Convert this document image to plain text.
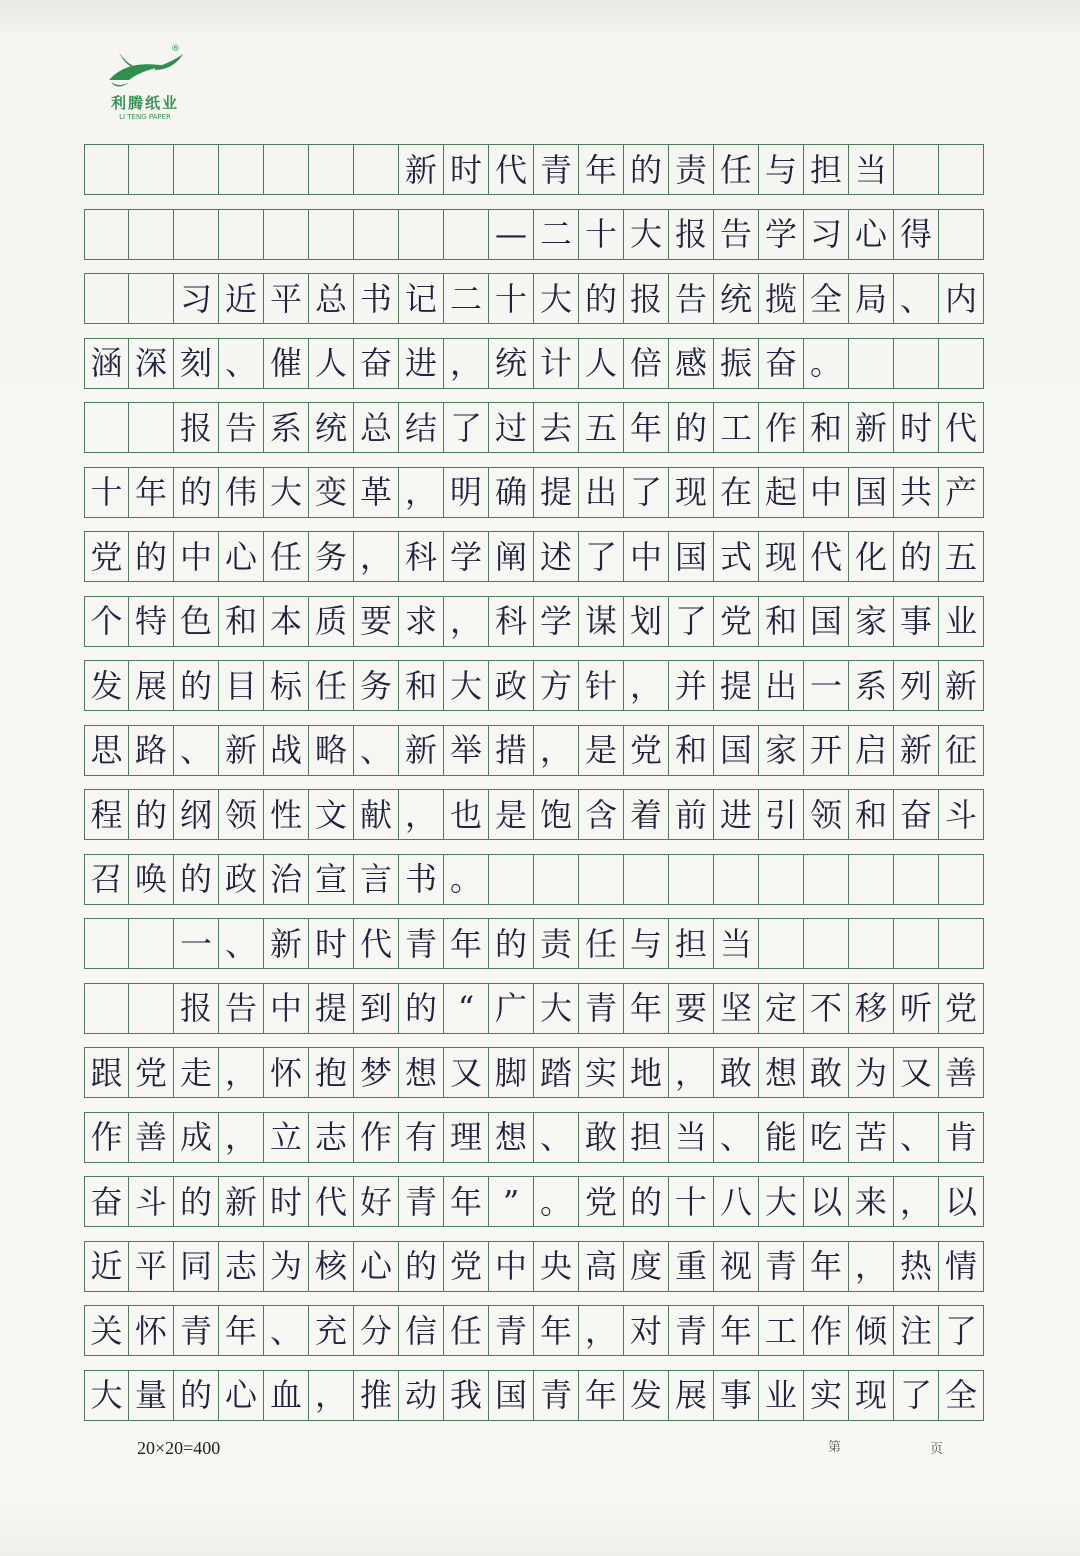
®
利腾纸业
LI TENG PAPER
新 时 代 青 年 的 责 任 与 担 当
— 二 十 大 报 告 学 习 心 得
习 近 平 总 书 记 二 十 大 的 报 告 统 揽 全 局 、 内
涵 深 刻 、 催 人 奋 进 ， 统 计 人 倍 感 振 奋 。
报 告 系 统 总 结 了 过 去 五 年 的 工 作 和 新 时 代
十 年 的 伟 大 变 革 ， 明 确 提 出 了 现 在 起 中 国 共 产
党 的 中 心 任 务 ， 科 学 阐 述 了 中 国 式 现 代 化 的 五
个 特 色 和 本 质 要 求 ， 科 学 谋 划 了 党 和 国 家 事 业
发 展 的 目 标 任 务 和 大 政 方 针 ， 并 提 出 一 系 列 新
思 路 、 新 战 略 、 新 举 措 ， 是 党 和 国 家 开 启 新 征
程 的 纲 领 性 文 献 ， 也 是 饱 含 着 前 进 引 领 和 奋 斗
召 唤 的 政 治 宣 言 书 。
一 、 新 时 代 青 年 的 责 任 与 担 当
报 告 中 提 到 的 “ 广 大 青 年 要 坚 定 不 移 听 党
跟 党 走 ， 怀 抱 梦 想 又 脚 踏 实 地 ， 敢 想 敢 为 又 善
作 善 成 ， 立 志 作 有 理 想 、 敢 担 当 、 能 吃 苦 、 肯
奋 斗 的 新 时 代 好 青 年 ” 。 党 的 十 八 大 以 来 ， 以
近 平 同 志 为 核 心 的 党 中 央 高 度 重 视 青 年 ， 热 情
关 怀 青 年 、 充 分 信 任 青 年 ， 对 青 年 工 作 倾 注 了
大 量 的 心 血 ， 推 动 我 国 青 年 发 展 事 业 实 现 了 全
20×20=400	第	页
